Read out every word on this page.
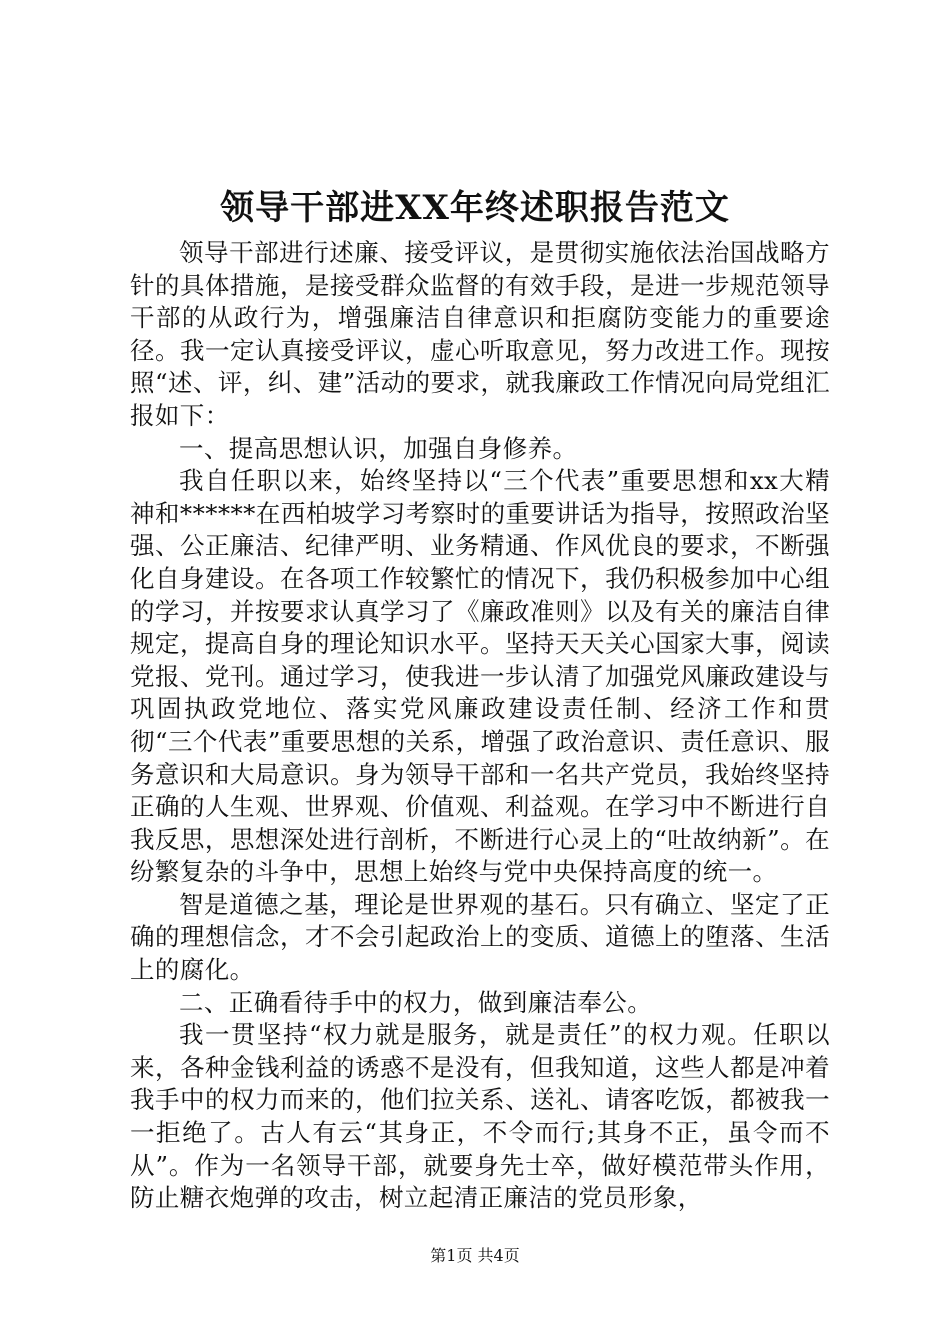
领导干部进XX年终述职报告范文

领导干部进行述廉、接受评议，是贯彻实施依法治国战略方针的具体措施，是接受群众监督的有效手段，是进一步规范领导干部的从政行为，增强廉洁自律意识和拒腐防变能力的重要途径。我一定认真接受评议，虚心听取意见，努力改进工作。现按照“述、评，纠、建”活动的要求，就我廉政工作情况向局党组汇报如下：

一、提高思想认识，加强自身修养。

我自任职以来，始终坚持以“三个代表”重要思想和xx大精神和******在西柏坡学习考察时的重要讲话为指导，按照政治坚强、公正廉洁、纪律严明、业务精通、作风优良的要求，不断强化自身建设。在各项工作较繁忙的情况下，我仍积极参加中心组的学习，并按要求认真学习了《廉政准则》以及有关的廉洁自律规定，提高自身的理论知识水平。坚持天天关心国家大事，阅读党报、党刊。通过学习，使我进一步认清了加强党风廉政建设与巩固执政党地位、落实党风廉政建设责任制、经济工作和贯彻“三个代表”重要思想的关系，增强了政治意识、责任意识、服务意识和大局意识。身为领导干部和一名共产党员，我始终坚持正确的人生观、世界观、价值观、利益观。在学习中不断进行自我反思，思想深处进行剖析，不断进行心灵上的“吐故纳新”。在纷繁复杂的斗争中，思想上始终与党中央保持高度的统一。

智是道德之基，理论是世界观的基石。只有确立、坚定了正确的理想信念，才不会引起政治上的变质、道德上的堕落、生活上的腐化。

二、正确看待手中的权力，做到廉洁奉公。

我一贯坚持“权力就是服务，就是责任”的权力观。任职以来，各种金钱利益的诱惑不是没有，但我知道，这些人都是冲着我手中的权力而来的，他们拉关系、送礼、请客吃饭，都被我一一拒绝了。古人有云“其身正，不令而行;其身不正，虽令而不从”。作为一名领导干部，就要身先士卒，做好模范带头作用，防止糖衣炮弹的攻击，树立起清正廉洁的党员形象，

第1页 共4页
